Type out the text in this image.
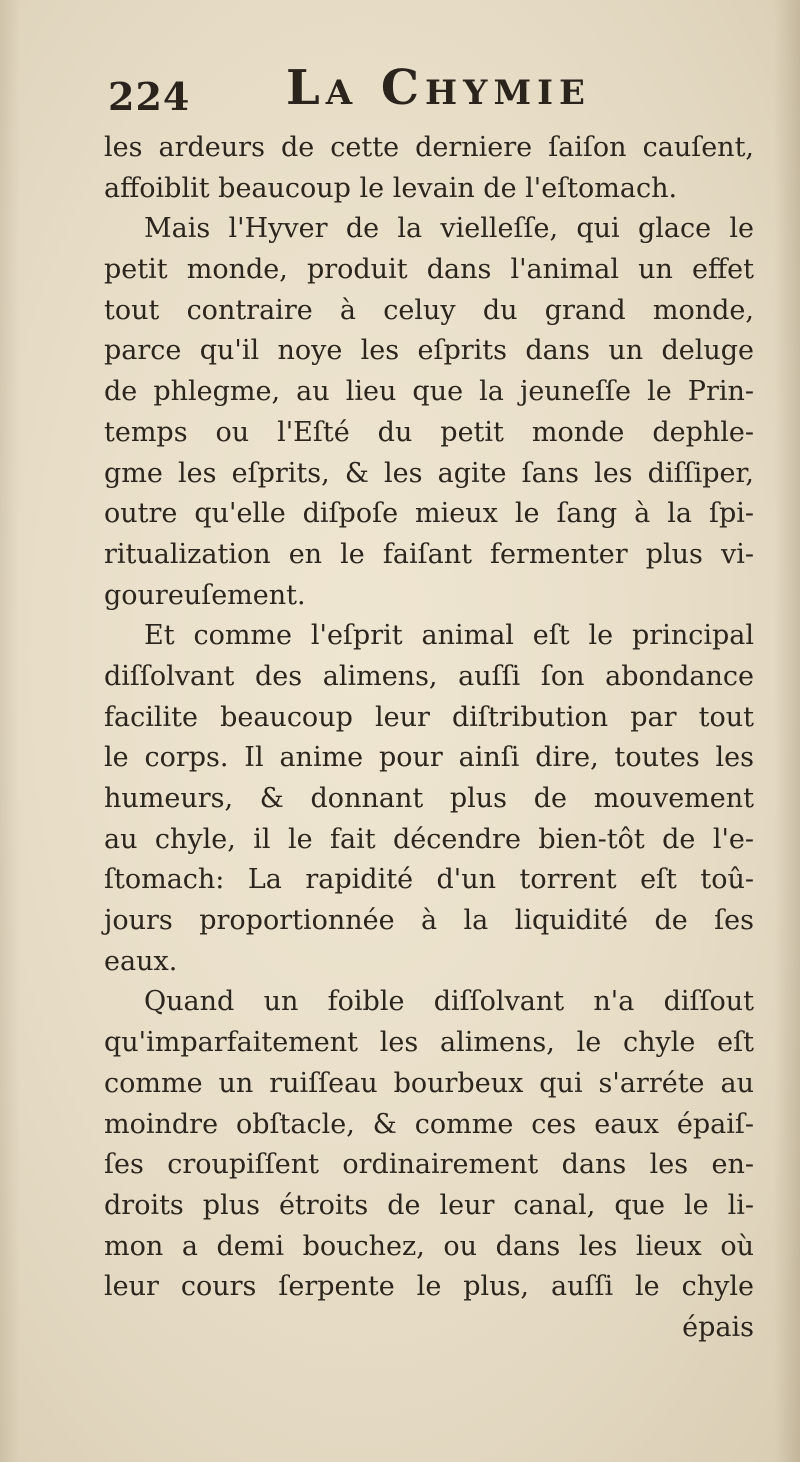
224 La Chymie
les ardeurs de cette derniere ſaiſon cauſent,
affoiblit beaucoup le levain de l'eſtomach.
Mais l'Hyver de la vielleſſe, qui glace le
petit monde, produit dans l'animal un effet
tout contraire à celuy du grand monde,
parce qu'il noye les eſprits dans un deluge
de phlegme, au lieu que la jeuneſſe le Prin-
temps ou l'Eſté du petit monde dephle-
gme les eſprits, & les agite ſans les diſſiper,
outre qu'elle diſpoſe mieux le ſang à la ſpi-
ritualization en le faiſant fermenter plus vi-
goureuſement.
Et comme l'eſprit animal eſt le principal
diſſolvant des alimens, auſſi ſon abondance
facilite beaucoup leur diſtribution par tout
le corps. Il anime pour ainſi dire, toutes les
humeurs, & donnant plus de mouvement
au chyle, il le fait décendre bien-tôt de l'e-
ſtomach: La rapidité d'un torrent eſt toû-
jours proportionnée à la liquidité de ſes
eaux.
Quand un foible diſſolvant n'a diſſout
qu'imparfaitement les alimens, le chyle eſt
comme un ruiſſeau bourbeux qui s'arréte au
moindre obſtacle, & comme ces eaux épaiſ-
ſes croupiſſent ordinairement dans les en-
droits plus étroits de leur canal, que le li-
mon a demi bouchez, ou dans les lieux où
leur cours ſerpente le plus, auſſi le chyle
épais
